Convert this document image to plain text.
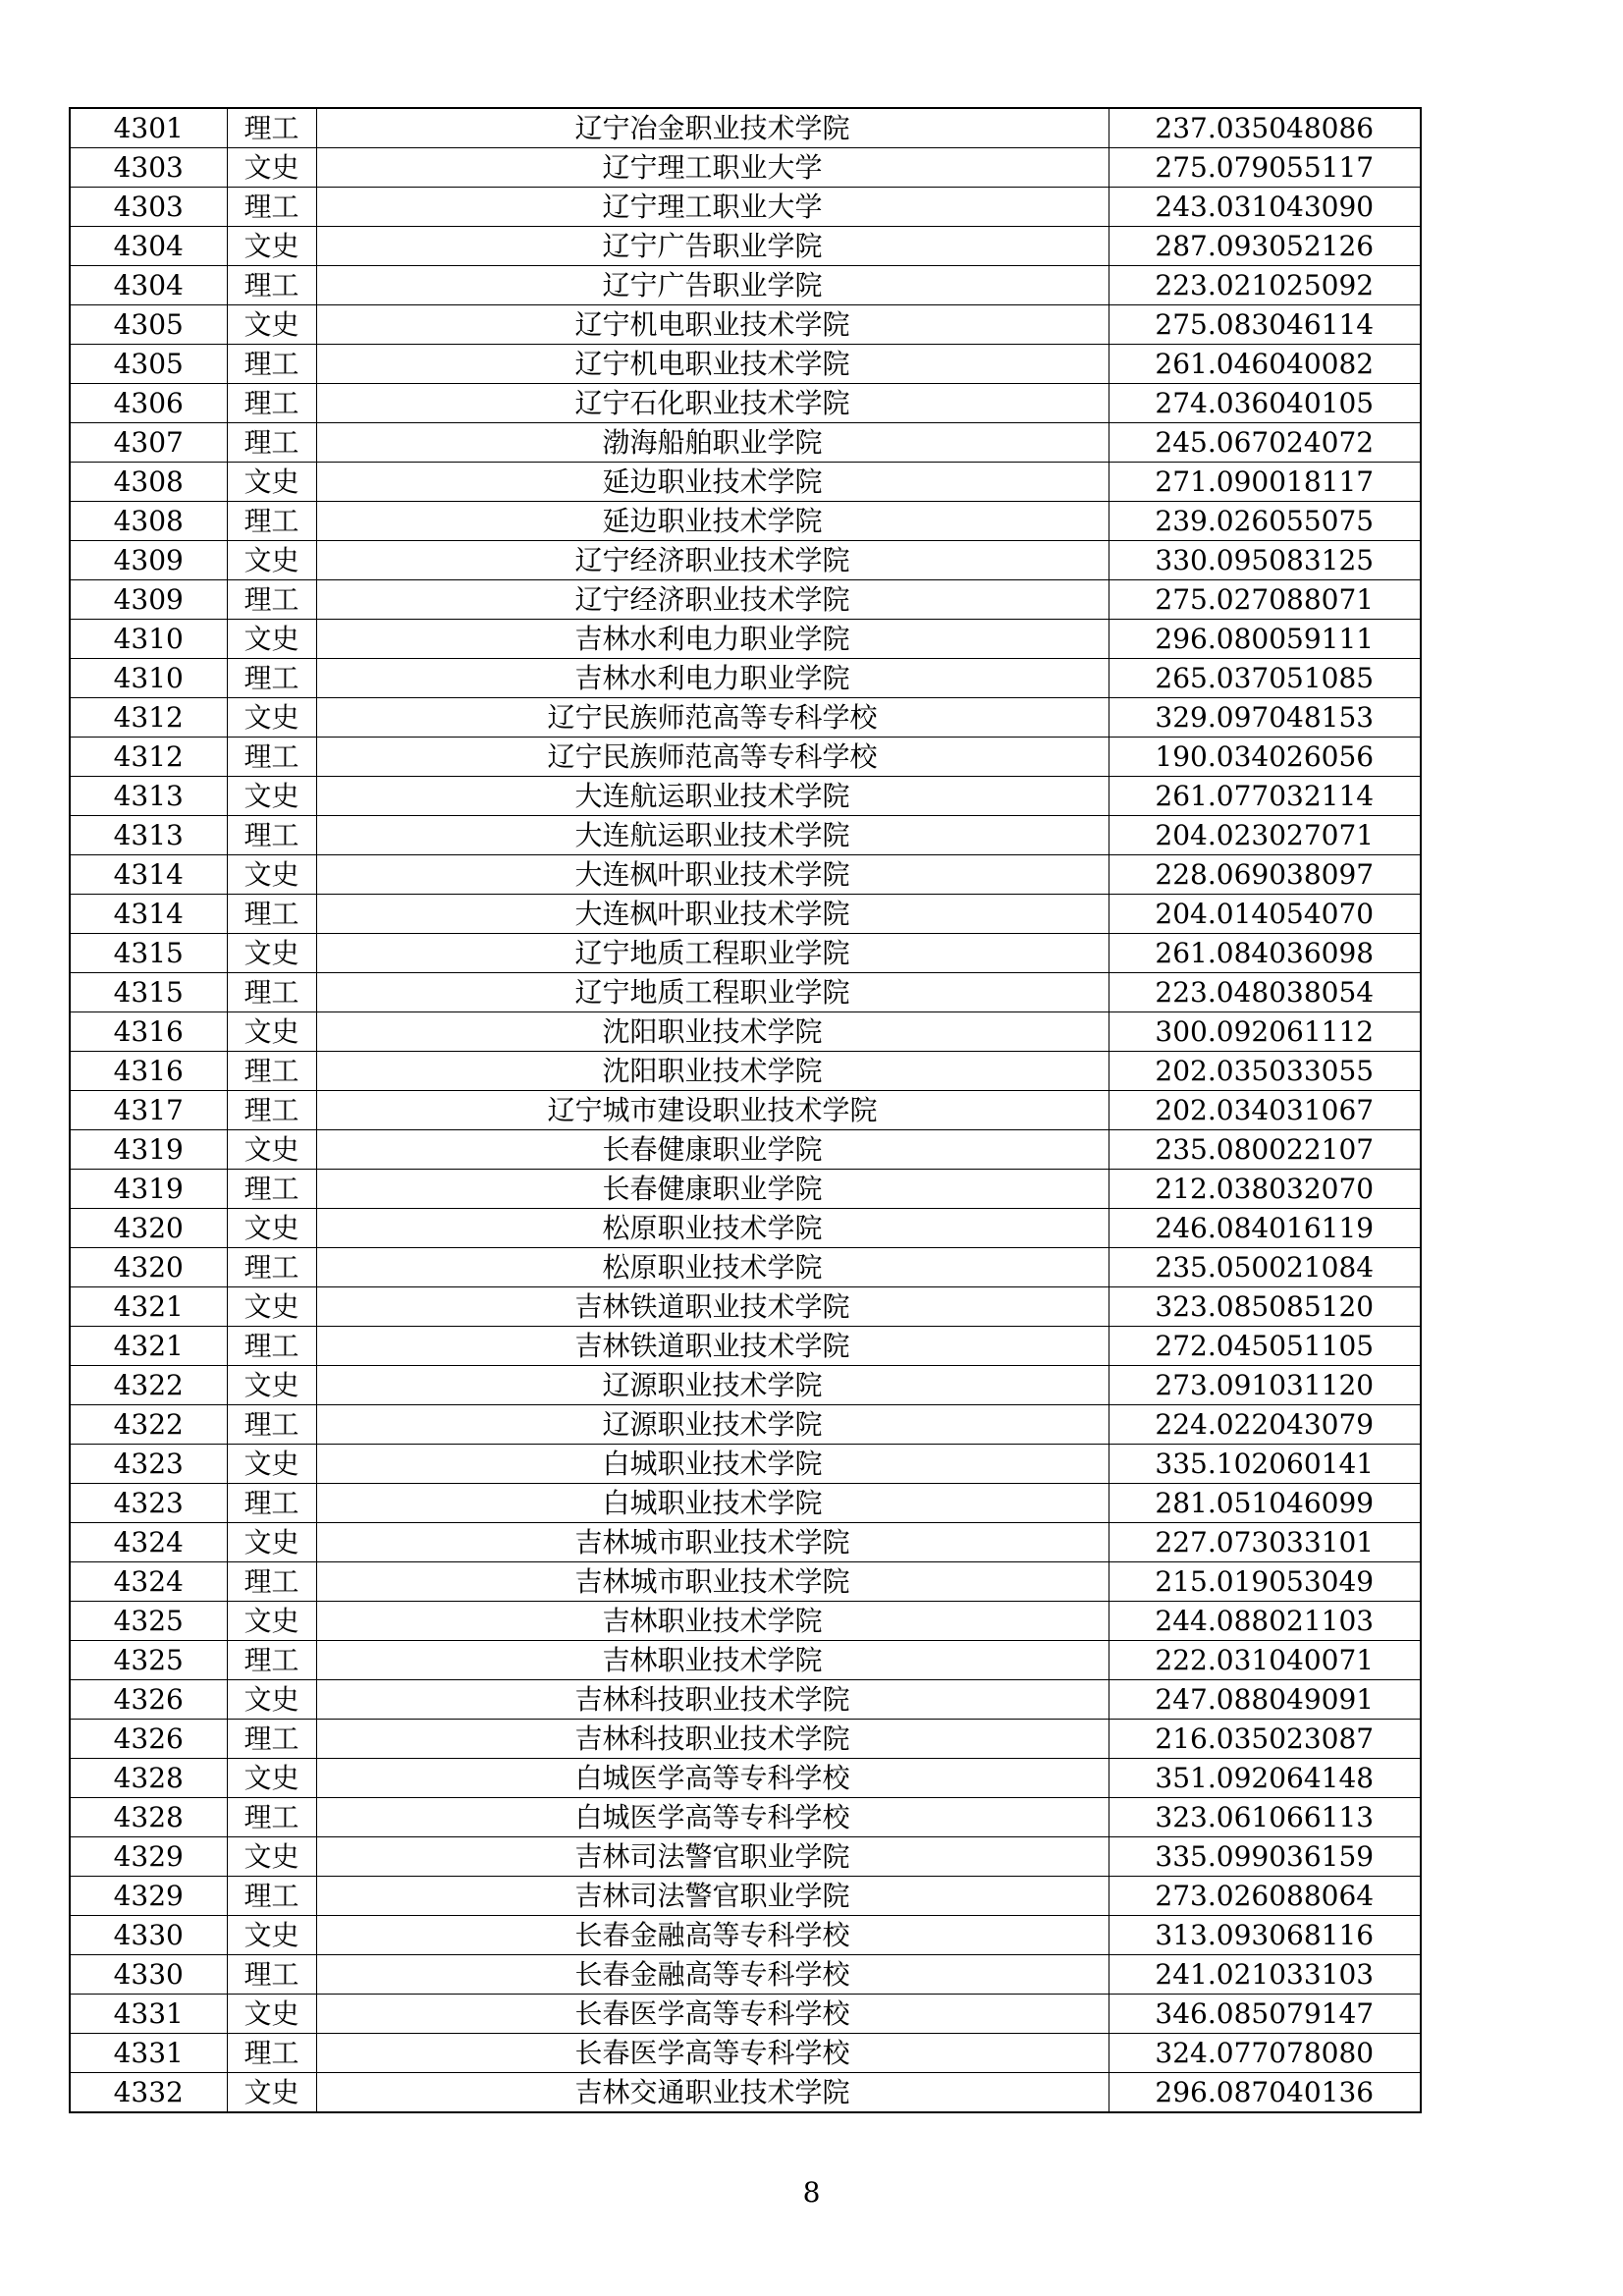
4301	理工	辽宁冶金职业技术学院	237.035048086
4303	文史	辽宁理工职业大学	275.079055117
4303	理工	辽宁理工职业大学	243.031043090
4304	文史	辽宁广告职业学院	287.093052126
4304	理工	辽宁广告职业学院	223.021025092
4305	文史	辽宁机电职业技术学院	275.083046114
4305	理工	辽宁机电职业技术学院	261.046040082
4306	理工	辽宁石化职业技术学院	274.036040105
4307	理工	渤海船舶职业学院	245.067024072
4308	文史	延边职业技术学院	271.090018117
4308	理工	延边职业技术学院	239.026055075
4309	文史	辽宁经济职业技术学院	330.095083125
4309	理工	辽宁经济职业技术学院	275.027088071
4310	文史	吉林水利电力职业学院	296.080059111
4310	理工	吉林水利电力职业学院	265.037051085
4312	文史	辽宁民族师范高等专科学校	329.097048153
4312	理工	辽宁民族师范高等专科学校	190.034026056
4313	文史	大连航运职业技术学院	261.077032114
4313	理工	大连航运职业技术学院	204.023027071
4314	文史	大连枫叶职业技术学院	228.069038097
4314	理工	大连枫叶职业技术学院	204.014054070
4315	文史	辽宁地质工程职业学院	261.084036098
4315	理工	辽宁地质工程职业学院	223.048038054
4316	文史	沈阳职业技术学院	300.092061112
4316	理工	沈阳职业技术学院	202.035033055
4317	理工	辽宁城市建设职业技术学院	202.034031067
4319	文史	长春健康职业学院	235.080022107
4319	理工	长春健康职业学院	212.038032070
4320	文史	松原职业技术学院	246.084016119
4320	理工	松原职业技术学院	235.050021084
4321	文史	吉林铁道职业技术学院	323.085085120
4321	理工	吉林铁道职业技术学院	272.045051105
4322	文史	辽源职业技术学院	273.091031120
4322	理工	辽源职业技术学院	224.022043079
4323	文史	白城职业技术学院	335.102060141
4323	理工	白城职业技术学院	281.051046099
4324	文史	吉林城市职业技术学院	227.073033101
4324	理工	吉林城市职业技术学院	215.019053049
4325	文史	吉林职业技术学院	244.088021103
4325	理工	吉林职业技术学院	222.031040071
4326	文史	吉林科技职业技术学院	247.088049091
4326	理工	吉林科技职业技术学院	216.035023087
4328	文史	白城医学高等专科学校	351.092064148
4328	理工	白城医学高等专科学校	323.061066113
4329	文史	吉林司法警官职业学院	335.099036159
4329	理工	吉林司法警官职业学院	273.026088064
4330	文史	长春金融高等专科学校	313.093068116
4330	理工	长春金融高等专科学校	241.021033103
4331	文史	长春医学高等专科学校	346.085079147
4331	理工	长春医学高等专科学校	324.077078080
4332	文史	吉林交通职业技术学院	296.087040136
8
